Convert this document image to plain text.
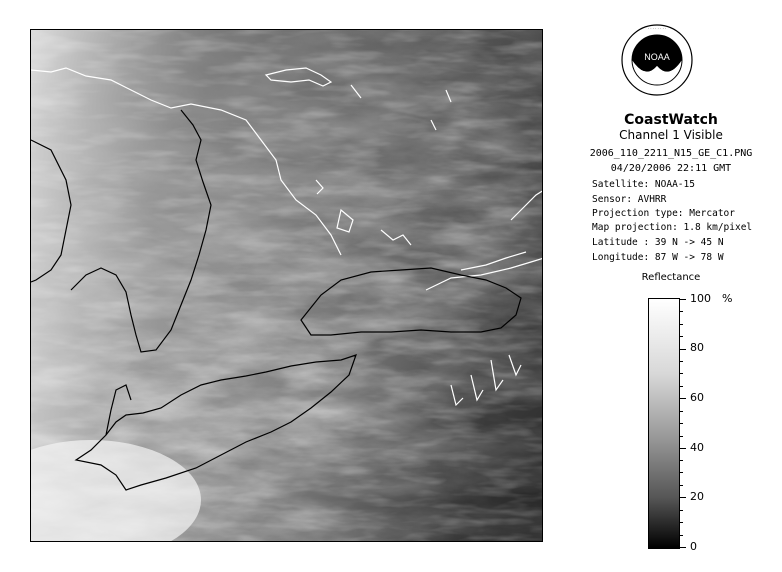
NOAA
· · · · · · · ·
CoastWatch
Channel 1 Visible
2006_110_2211_N15_GE_C1.PNG
04/20/2006 22:11 GMT
Satellite: NOAA-15
Sensor: AVHRR
Projection type: Mercator
Map projection: 1.8 km/pixel
Latitude : 39 N -> 45 N
Longitude: 87 W -> 78 W
Reflectance
%
100
80
60
40
20
0
